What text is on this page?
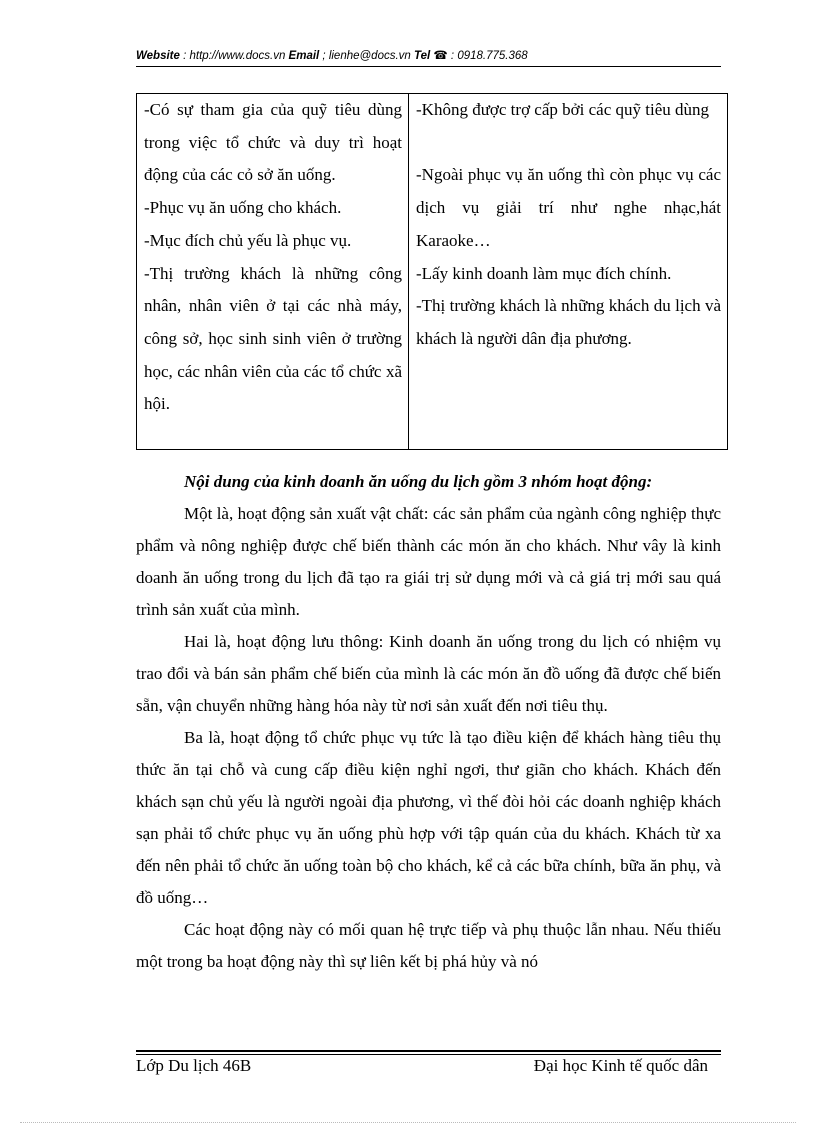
Website : http://www.docs.vn Email ; lienhe@docs.vn Tel ☎ : 0918.775.368
-Có sự tham gia của quỹ tiêu dùng trong việc tổ chức và duy trì hoạt động của các cỏ sở ăn uống.
-Phục vụ ăn uống cho khách.
-Mục đích chủ yếu là phục vụ.
-Thị trường khách là những công nhân, nhân viên ở tại các nhà máy, công sở, học sinh sinh viên ở trường học, các nhân viên của các tổ chức xã hội.

-Không được trợ cấp bởi các quỹ tiêu dùng
-Ngoài phục vụ ăn uống thì còn phục vụ các dịch vụ giải trí như nghe nhạc,hát Karaoke…
-Lấy kinh doanh làm mục đích chính.
-Thị trường khách là những khách du lịch và khách là người dân địa phương.

Nội dung của kinh doanh ăn uống du lịch gồm 3 nhóm hoạt động:

Một là, hoạt động sản xuất vật chất: các sản phẩm của ngành công nghiệp thực phẩm và nông nghiệp được chế biến thành các món ăn cho khách. Như vây là kinh doanh ăn uống trong du lịch đã tạo ra giái trị sử dụng mới và cả giá trị mới sau quá trình sản xuất của mình.

Hai là, hoạt động lưu thông: Kinh doanh ăn uống trong du lịch có nhiệm vụ trao đổi và bán sản phẩm chế biến của mình là các món ăn đồ uống đã được chế biến sẵn, vận chuyển những hàng hóa này từ nơi sản xuất đến nơi tiêu thụ.

Ba là, hoạt động tổ chức phục vụ tức là tạo điều kiện để khách hàng tiêu thụ thức ăn tại chỗ và cung cấp điều kiện nghỉ ngơi, thư giãn cho khách. Khách đến khách sạn chủ yếu là người ngoài địa phương, vì thế đòi hỏi các doanh nghiệp khách sạn phải tổ chức phục vụ ăn uống phù hợp với tập quán của du khách. Khách từ xa đến nên phải tổ chức ăn uống toàn bộ cho khách, kể cả các bữa chính, bữa ăn phụ, và đồ uống…

Các hoạt động này có mối quan hệ trực tiếp và phụ thuộc lẫn nhau. Nếu thiếu một trong ba hoạt động này thì sự liên kết bị phá hủy và nó

Lớp Du lịch 46B	Đại học Kinh tế quốc dân
